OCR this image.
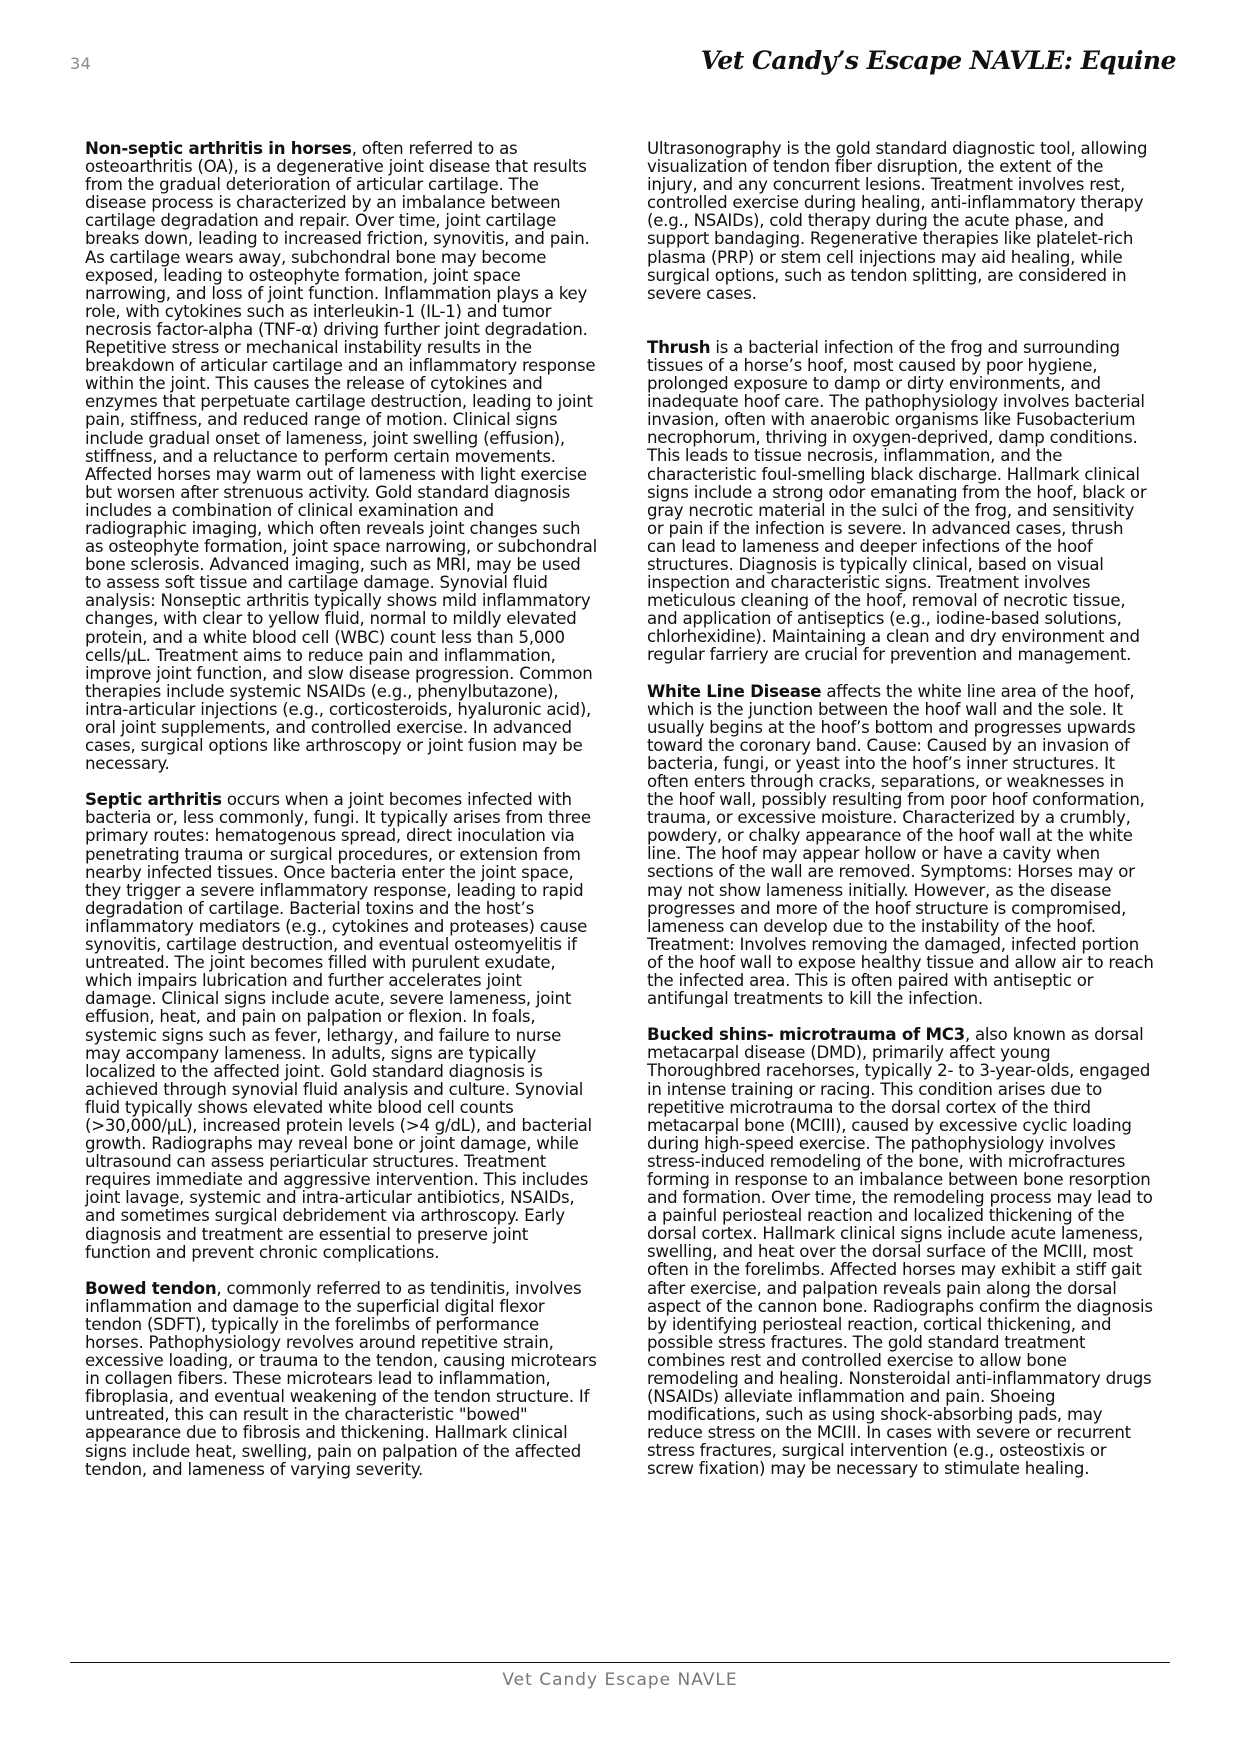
34	Vet Candy’s Escape NAVLE: Equine

Non-septic arthritis in horses, often referred to as osteoarthritis (OA), is a degenerative joint disease that results from the gradual deterioration of articular cartilage. The disease process is characterized by an imbalance between cartilage degradation and repair. Over time, joint cartilage breaks down, leading to increased friction, synovitis, and pain. As cartilage wears away, subchondral bone may become exposed, leading to osteophyte formation, joint space narrowing, and loss of joint function. Inflammation plays a key role, with cytokines such as interleukin-1 (IL-1) and tumor necrosis factor-alpha (TNF-α) driving further joint degradation. Repetitive stress or mechanical instability results in the breakdown of articular cartilage and an inflammatory response within the joint. This causes the release of cytokines and enzymes that perpetuate cartilage destruction, leading to joint pain, stiffness, and reduced range of motion. Clinical signs include gradual onset of lameness, joint swelling (effusion), stiffness, and a reluctance to perform certain movements. Affected horses may warm out of lameness with light exercise but worsen after strenuous activity. Gold standard diagnosis includes a combination of clinical examination and radiographic imaging, which often reveals joint changes such as osteophyte formation, joint space narrowing, or subchondral bone sclerosis. Advanced imaging, such as MRI, may be used to assess soft tissue and cartilage damage. Synovial fluid analysis: Nonseptic arthritis typically shows mild inflammatory changes, with clear to yellow fluid, normal to mildly elevated protein, and a white blood cell (WBC) count less than 5,000 cells/μL. Treatment aims to reduce pain and inflammation, improve joint function, and slow disease progression. Common therapies include systemic NSAIDs (e.g., phenylbutazone), intra-articular injections (e.g., corticosteroids, hyaluronic acid), oral joint supplements, and controlled exercise. In advanced cases, surgical options like arthroscopy or joint fusion may be necessary.

Septic arthritis occurs when a joint becomes infected with bacteria or, less commonly, fungi. It typically arises from three primary routes: hematogenous spread, direct inoculation via penetrating trauma or surgical procedures, or extension from nearby infected tissues. Once bacteria enter the joint space, they trigger a severe inflammatory response, leading to rapid degradation of cartilage. Bacterial toxins and the host’s inflammatory mediators (e.g., cytokines and proteases) cause synovitis, cartilage destruction, and eventual osteomyelitis if untreated. The joint becomes filled with purulent exudate, which impairs lubrication and further accelerates joint damage. Clinical signs include acute, severe lameness, joint effusion, heat, and pain on palpation or flexion. In foals, systemic signs such as fever, lethargy, and failure to nurse may accompany lameness. In adults, signs are typically localized to the affected joint. Gold standard diagnosis is achieved through synovial fluid analysis and culture. Synovial fluid typically shows elevated white blood cell counts (>30,000/μL), increased protein levels (>4 g/dL), and bacterial growth. Radiographs may reveal bone or joint damage, while ultrasound can assess periarticular structures. Treatment requires immediate and aggressive intervention. This includes joint lavage, systemic and intra-articular antibiotics, NSAIDs, and sometimes surgical debridement via arthroscopy. Early diagnosis and treatment are essential to preserve joint function and prevent chronic complications.

Bowed tendon, commonly referred to as tendinitis, involves inflammation and damage to the superficial digital flexor tendon (SDFT), typically in the forelimbs of performance horses. Pathophysiology revolves around repetitive strain, excessive loading, or trauma to the tendon, causing microtears in collagen fibers. These microtears lead to inflammation, fibroplasia, and eventual weakening of the tendon structure. If untreated, this can result in the characteristic "bowed" appearance due to fibrosis and thickening. Hallmark clinical signs include heat, swelling, pain on palpation of the affected tendon, and lameness of varying severity.

Ultrasonography is the gold standard diagnostic tool, allowing visualization of tendon fiber disruption, the extent of the injury, and any concurrent lesions. Treatment involves rest, controlled exercise during healing, anti-inflammatory therapy (e.g., NSAIDs), cold therapy during the acute phase, and support bandaging. Regenerative therapies like platelet-rich plasma (PRP) or stem cell injections may aid healing, while surgical options, such as tendon splitting, are considered in severe cases.

Thrush is a bacterial infection of the frog and surrounding tissues of a horse’s hoof, most caused by poor hygiene, prolonged exposure to damp or dirty environments, and inadequate hoof care. The pathophysiology involves bacterial invasion, often with anaerobic organisms like Fusobacterium necrophorum, thriving in oxygen-deprived, damp conditions. This leads to tissue necrosis, inflammation, and the characteristic foul-smelling black discharge. Hallmark clinical signs include a strong odor emanating from the hoof, black or gray necrotic material in the sulci of the frog, and sensitivity or pain if the infection is severe. In advanced cases, thrush can lead to lameness and deeper infections of the hoof structures. Diagnosis is typically clinical, based on visual inspection and characteristic signs. Treatment involves meticulous cleaning of the hoof, removal of necrotic tissue, and application of antiseptics (e.g., iodine-based solutions, chlorhexidine). Maintaining a clean and dry environment and regular farriery are crucial for prevention and management.

White Line Disease affects the white line area of the hoof, which is the junction between the hoof wall and the sole. It usually begins at the hoof’s bottom and progresses upwards toward the coronary band. Cause: Caused by an invasion of bacteria, fungi, or yeast into the hoof’s inner structures. It often enters through cracks, separations, or weaknesses in the hoof wall, possibly resulting from poor hoof conformation, trauma, or excessive moisture. Characterized by a crumbly, powdery, or chalky appearance of the hoof wall at the white line. The hoof may appear hollow or have a cavity when sections of the wall are removed. Symptoms: Horses may or may not show lameness initially. However, as the disease progresses and more of the hoof structure is compromised, lameness can develop due to the instability of the hoof. Treatment: Involves removing the damaged, infected portion of the hoof wall to expose healthy tissue and allow air to reach the infected area. This is often paired with antiseptic or antifungal treatments to kill the infection.

Bucked shins- microtrauma of MC3, also known as dorsal metacarpal disease (DMD), primarily affect young Thoroughbred racehorses, typically 2- to 3-year-olds, engaged in intense training or racing. This condition arises due to repetitive microtrauma to the dorsal cortex of the third metacarpal bone (MCIII), caused by excessive cyclic loading during high-speed exercise. The pathophysiology involves stress-induced remodeling of the bone, with microfractures forming in response to an imbalance between bone resorption and formation. Over time, the remodeling process may lead to a painful periosteal reaction and localized thickening of the dorsal cortex. Hallmark clinical signs include acute lameness, swelling, and heat over the dorsal surface of the MCIII, most often in the forelimbs. Affected horses may exhibit a stiff gait after exercise, and palpation reveals pain along the dorsal aspect of the cannon bone. Radiographs confirm the diagnosis by identifying periosteal reaction, cortical thickening, and possible stress fractures. The gold standard treatment combines rest and controlled exercise to allow bone remodeling and healing. Nonsteroidal anti-inflammatory drugs (NSAIDs) alleviate inflammation and pain. Shoeing modifications, such as using shock-absorbing pads, may reduce stress on the MCIII. In cases with severe or recurrent stress fractures, surgical intervention (e.g., osteostixis or screw fixation) may be necessary to stimulate healing.

Vet Candy Escape NAVLE
